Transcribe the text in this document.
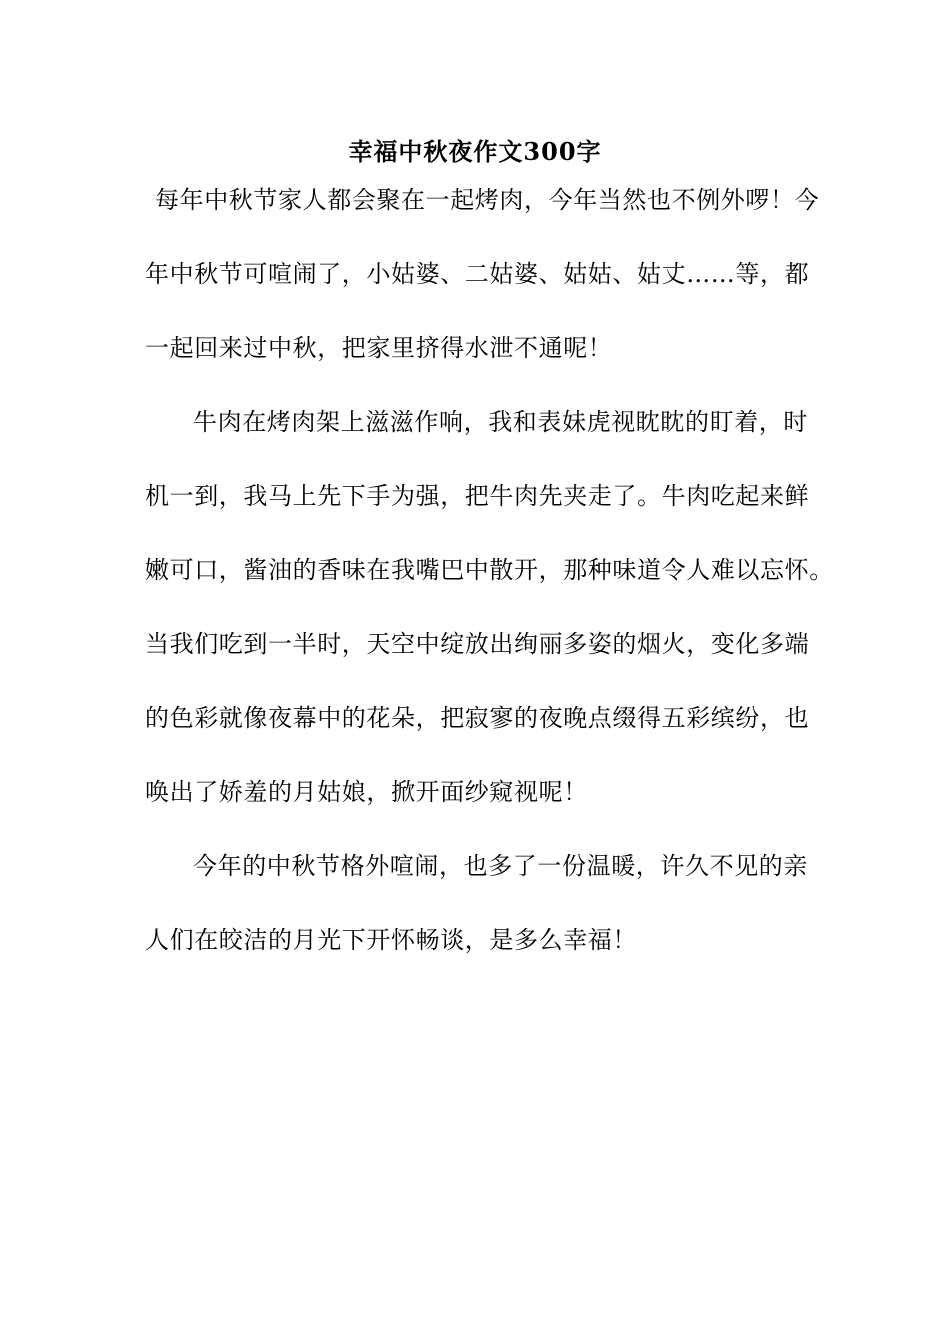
幸福中秋夜作文300字
每年中秋节家人都会聚在一起烤肉，今年当然也不例外啰！今
年中秋节可喧闹了，小姑婆、二姑婆、姑姑、姑丈……等，都
一起回来过中秋，把家里挤得水泄不通呢！
牛肉在烤肉架上滋滋作响，我和表妹虎视眈眈的盯着，时
机一到，我马上先下手为强，把牛肉先夹走了。牛肉吃起来鲜
嫩可口，酱油的香味在我嘴巴中散开，那种味道令人难以忘怀。
当我们吃到一半时，天空中绽放出绚丽多姿的烟火，变化多端
的色彩就像夜幕中的花朵，把寂寥的夜晚点缀得五彩缤纷，也
唤出了娇羞的月姑娘，掀开面纱窥视呢！
今年的中秋节格外喧闹，也多了一份温暖，许久不见的亲
人们在皎洁的月光下开怀畅谈，是多么幸福！
